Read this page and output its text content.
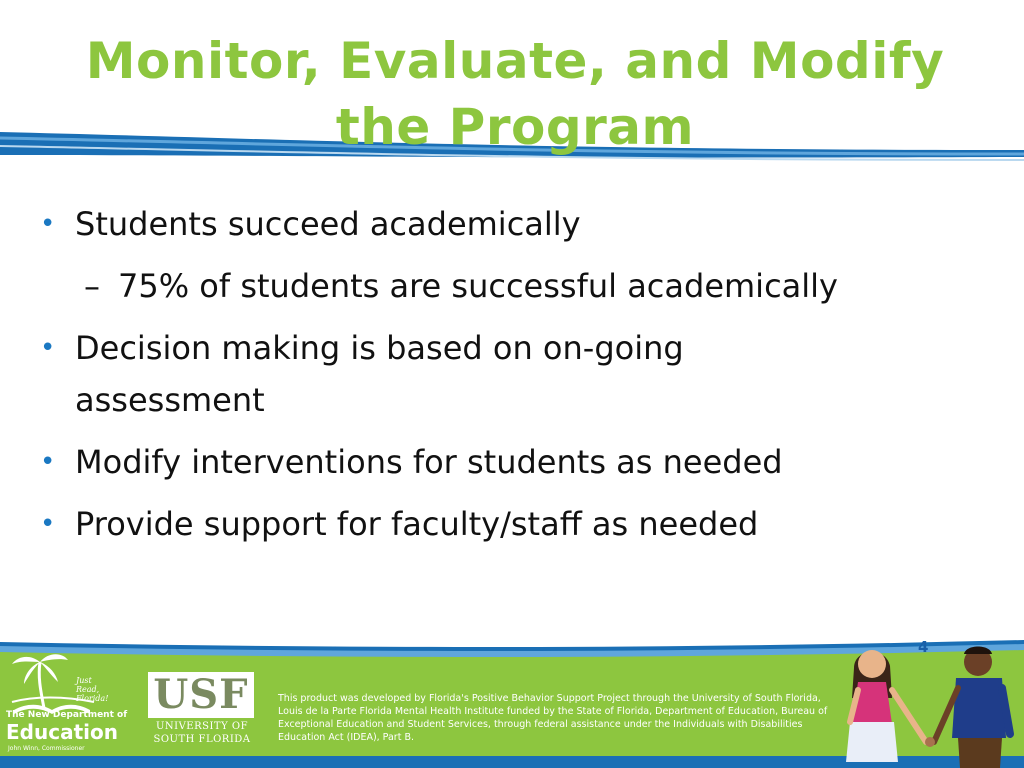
Monitor, Evaluate, and Modify
the Program
• Students succeed academically
– 75% of students are successful academically
• Decision making is based on on-going
assessment
• Modify interventions for students as needed
• Provide support for faculty/staff as needed
4
Just Read, Florida!
The New Department of
Education
John Winn, Commissioner
USF
UNIVERSITY OF
SOUTH FLORIDA
This product was developed by Florida's Positive Behavior Support Project through the University of South Florida, Louis de la Parte Florida Mental Health Institute funded by the State of Florida, Department of Education, Bureau of Exceptional Education and Student Services, through federal assistance under the Individuals with Disabilities Education Act (IDEA), Part B.
